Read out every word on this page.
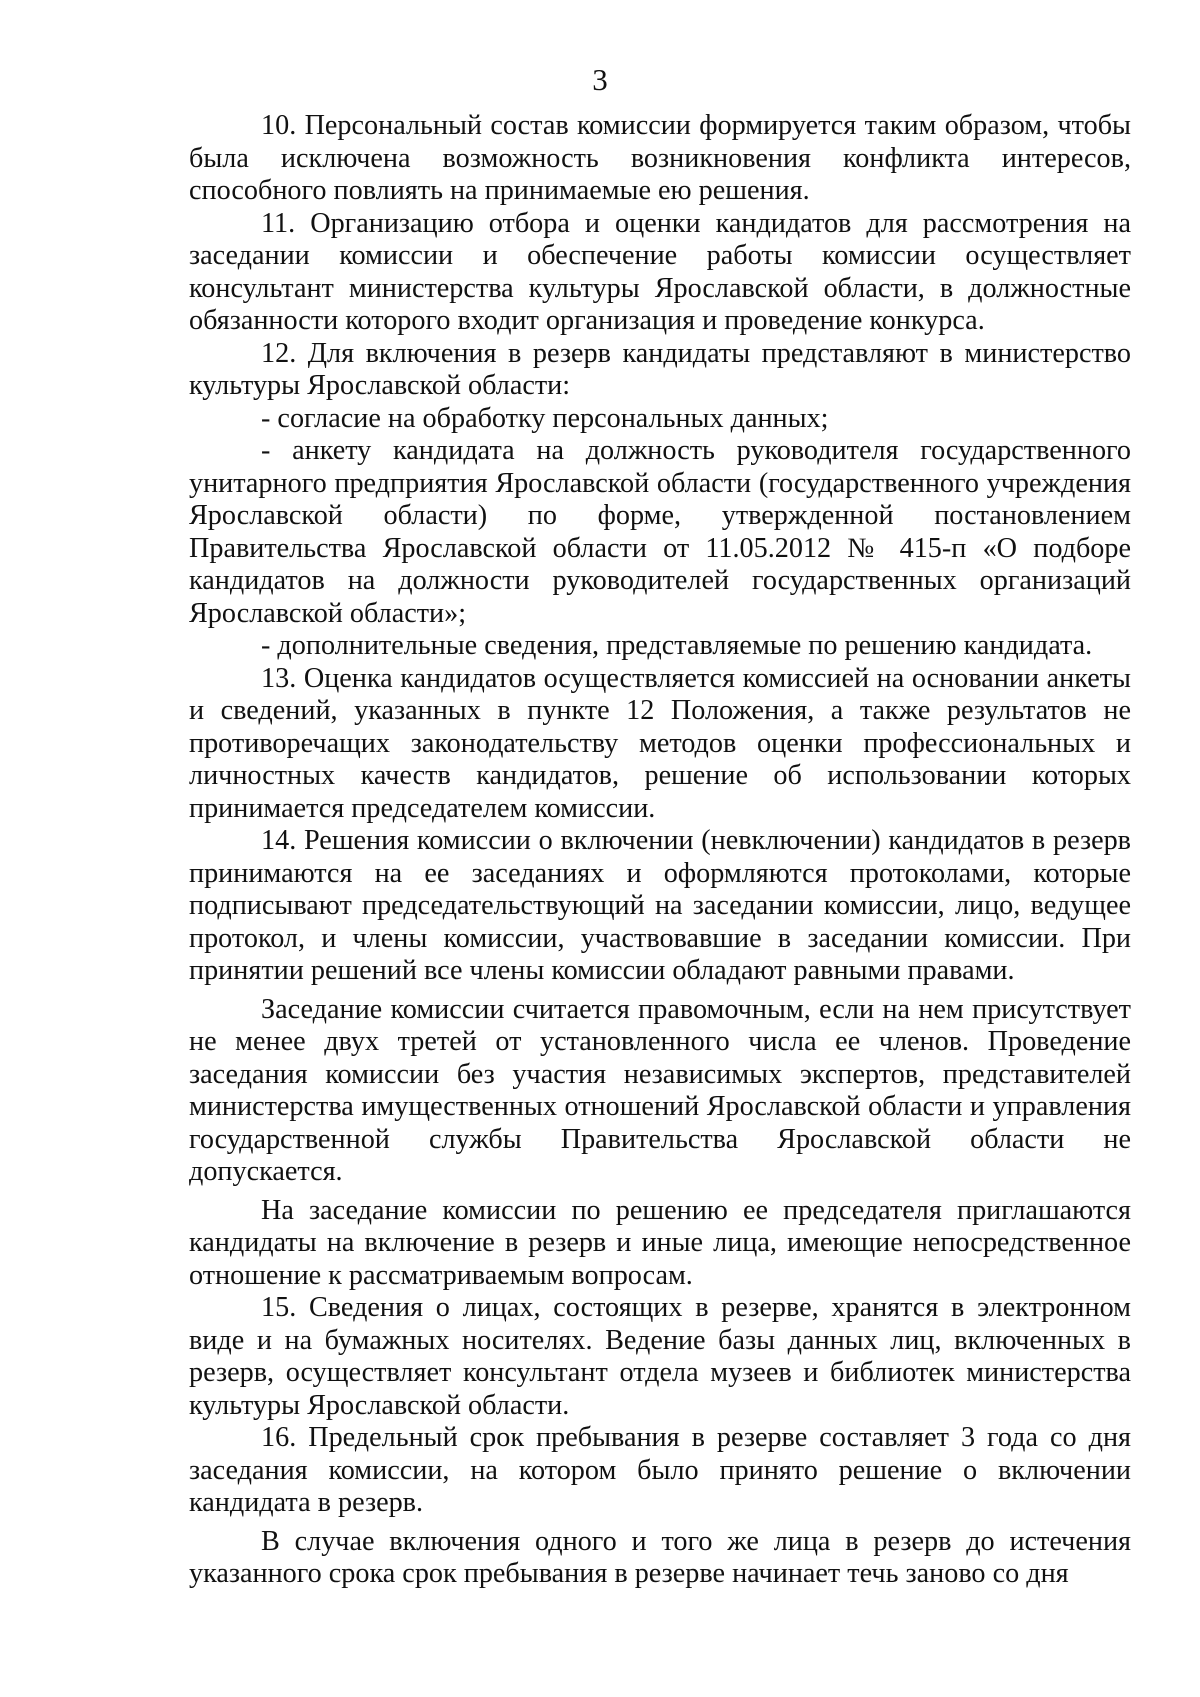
3

10. Персональный состав комиссии формируется таким образом, чтобы была исключена возможность возникновения конфликта интересов, способного повлиять на принимаемые ею решения.

11. Организацию отбора и оценки кандидатов для рассмотрения на заседании комиссии и обеспечение работы комиссии осуществляет консультант министерства культуры Ярославской области, в должностные обязанности которого входит организация и проведение конкурса.

12. Для включения в резерв кандидаты представляют в министерство культуры Ярославской области:

- согласие на обработку персональных данных;

- анкету кандидата на должность руководителя государственного унитарного предприятия Ярославской области (государственного учреждения Ярославской области) по форме, утвержденной постановлением Правительства Ярославской области от 11.05.2012 № 415-п «О подборе кандидатов на должности руководителей государственных организаций Ярославской области»;

- дополнительные сведения, представляемые по решению кандидата.

13. Оценка кандидатов осуществляется комиссией на основании анкеты и сведений, указанных в пункте 12 Положения, а также результатов не противоречащих законодательству методов оценки профессиональных и личностных качеств кандидатов, решение об использовании которых принимается председателем комиссии.

14. Решения комиссии о включении (невключении) кандидатов в резерв принимаются на ее заседаниях и оформляются протоколами, которые подписывают председательствующий на заседании комиссии, лицо, ведущее протокол, и члены комиссии, участвовавшие в заседании комиссии. При принятии решений все члены комиссии обладают равными правами.

Заседание комиссии считается правомочным, если на нем присутствует не менее двух третей от установленного числа ее членов. Проведение заседания комиссии без участия независимых экспертов, представителей министерства имущественных отношений Ярославской области и управления государственной службы Правительства Ярославской области не допускается.

На заседание комиссии по решению ее председателя приглашаются кандидаты на включение в резерв и иные лица, имеющие непосредственное отношение к рассматриваемым вопросам.

15. Сведения о лицах, состоящих в резерве, хранятся в электронном виде и на бумажных носителях. Ведение базы данных лиц, включенных в резерв, осуществляет консультант отдела музеев и библиотек министерства культуры Ярославской области.

16. Предельный срок пребывания в резерве составляет 3 года со дня заседания комиссии, на котором было принято решение о включении кандидата в резерв.

В случае включения одного и того же лица в резерв до истечения указанного срока срок пребывания в резерве начинает течь заново со дня
